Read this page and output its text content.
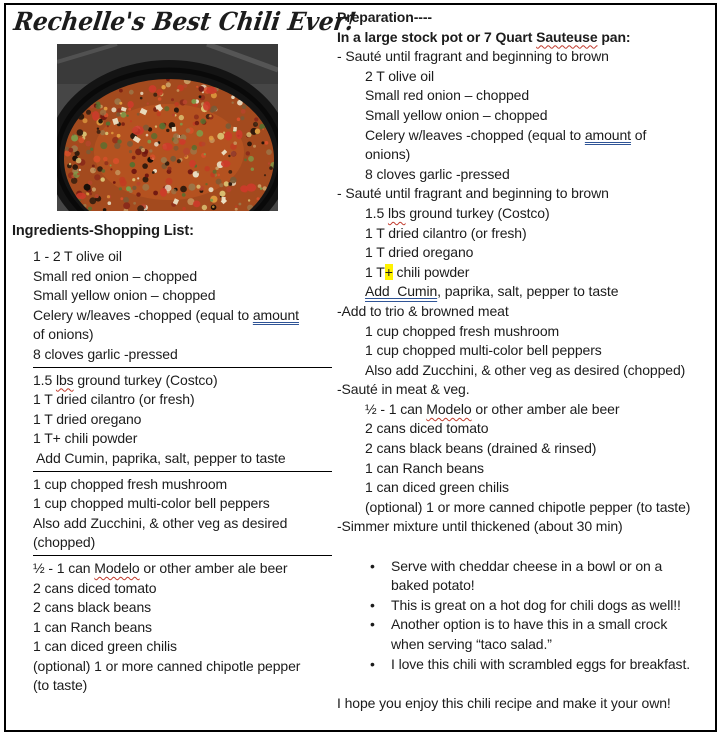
Rechelle's Best Chili Ever!
Ingredients-Shopping List:
1 - 2 T olive oil
Small red onion – chopped
Small yellow onion – chopped
Celery w/leaves -chopped (equal to amount
of onions)
8 cloves garlic -pressed
1.5 lbs ground turkey (Costco)
1 T dried cilantro (or fresh)
1 T dried oregano
1 T+ chili powder
Add Cumin, paprika, salt, pepper to taste
1 cup chopped fresh mushroom
1 cup chopped multi-color bell peppers
Also add Zucchini, & other veg as desired
(chopped)
½ - 1 can Modelo or other amber ale beer
2 cans diced tomato
2 cans black beans
1 can Ranch beans
1 can diced green chilis
(optional) 1 or more canned chipotle pepper
(to taste)
Preparation----
In a large stock pot or 7 Quart Sauteuse pan:
- Sauté until fragrant and beginning to brown
2 T olive oil
Small red onion – chopped
Small yellow onion – chopped
Celery w/leaves -chopped (equal to amount of
onions)
8 cloves garlic -pressed
- Sauté until fragrant and beginning to brown
1.5 lbs ground turkey (Costco)
1 T dried cilantro (or fresh)
1 T dried oregano
1 T+ chili powder
Add  Cumin, paprika, salt, pepper to taste
-Add to trio & browned meat
1 cup chopped fresh mushroom
1 cup chopped multi-color bell peppers
Also add Zucchini, & other veg as desired (chopped)
-Sauté in meat & veg.
½ - 1 can Modelo or other amber ale beer
2 cans diced tomato
2 cans black beans (drained & rinsed)
1 can Ranch beans
1 can diced green chilis
(optional) 1 or more canned chipotle pepper (to taste)
-Simmer mixture until thickened (about 30 min)
•	Serve with cheddar cheese in a bowl or on a
baked potato!
•	This is great on a hot dog for chili dogs as well!!
•	Another option is to have this in a small crock
when serving “taco salad.”
•	I love this chili with scrambled eggs for breakfast.
I hope you enjoy this chili recipe and make it your own!
